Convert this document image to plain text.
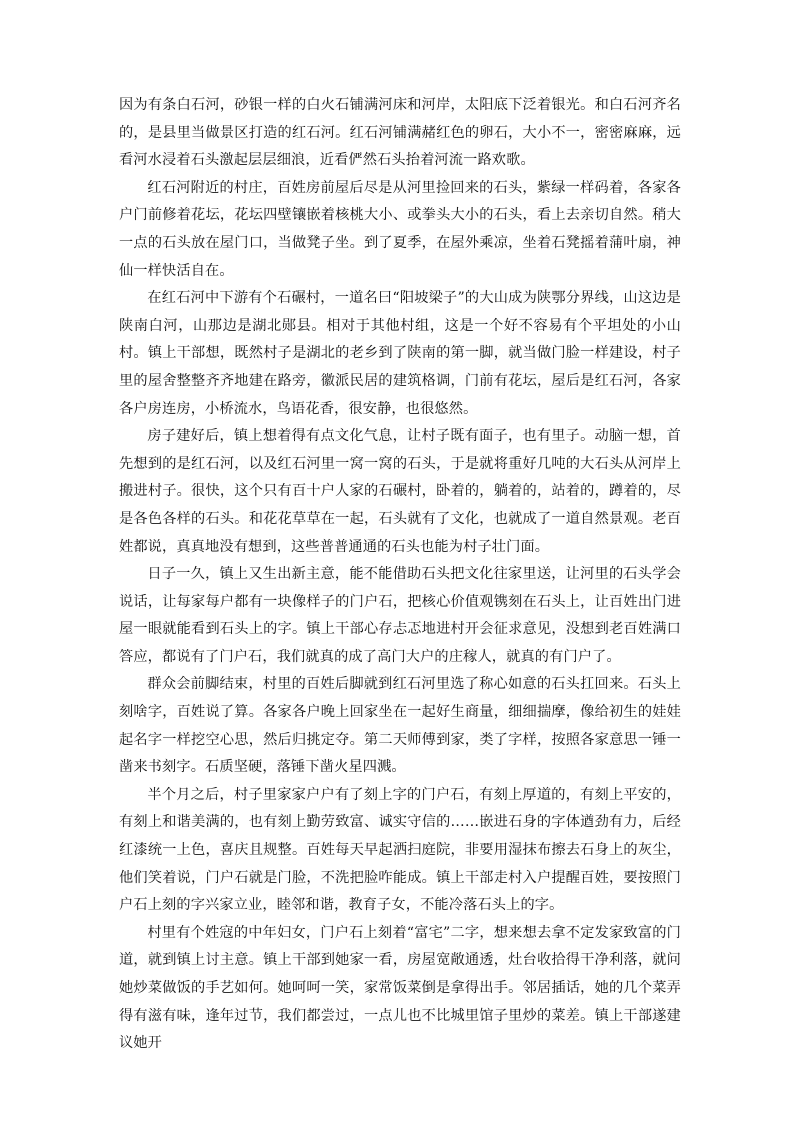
因为有条白石河，砂银一样的白火石铺满河床和河岸，太阳底下泛着银光。和白石河齐名的，是县里当做景区打造的红石河。红石河铺满赭红色的卵石，大小不一，密密麻麻，远看河水浸着石头激起层层细浪，近看俨然石头抬着河流一路欢歌。

红石河附近的村庄，百姓房前屋后尽是从河里捡回来的石头，紫绿一样码着，各家各户门前修着花坛，花坛四壁镶嵌着核桃大小、或拳头大小的石头，看上去亲切自然。稍大一点的石头放在屋门口，当做凳子坐。到了夏季，在屋外乘凉，坐着石凳摇着蒲叶扇，神仙一样快活自在。

在红石河中下游有个石碾村，一道名曰“阳坡梁子”的大山成为陕鄂分界线，山这边是陕南白河，山那边是湖北郧县。相对于其他村组，这是一个好不容易有个平坦处的小山村。镇上干部想，既然村子是湖北的老乡到了陕南的第一脚，就当做门脸一样建设，村子里的屋舍整整齐齐地建在路旁，徽派民居的建筑格调，门前有花坛，屋后是红石河，各家各户房连房，小桥流水，鸟语花香，很安静，也很悠然。

房子建好后，镇上想着得有点文化气息，让村子既有面子，也有里子。动脑一想，首先想到的是红石河，以及红石河里一窝一窝的石头，于是就将重好几吨的大石头从河岸上搬进村子。很快，这个只有百十户人家的石碾村，卧着的，躺着的，站着的，蹲着的，尽是各色各样的石头。和花花草草在一起，石头就有了文化，也就成了一道自然景观。老百姓都说，真真地没有想到，这些普普通通的石头也能为村子壮门面。

日子一久，镇上又生出新主意，能不能借助石头把文化往家里送，让河里的石头学会说话，让每家每户都有一块像样子的门户石，把核心价值观镌刻在石头上，让百姓出门进屋一眼就能看到石头上的字。镇上干部心存忐忑地进村开会征求意见，没想到老百姓满口答应，都说有了门户石，我们就真的成了高门大户的庄稼人，就真的有门户了。

群众会前脚结束，村里的百姓后脚就到红石河里选了称心如意的石头扛回来。石头上刻啥字，百姓说了算。各家各户晚上回家坐在一起好生商量，细细揣摩，像给初生的娃娃起名字一样挖空心思，然后归挑定夺。第二天师傅到家，类了字样，按照各家意思一锤一凿来书刻字。石质坚硬，落锤下凿火星四溅。

半个月之后，村子里家家户户有了刻上字的门户石，有刻上厚道的，有刻上平安的，有刻上和谐美满的，也有刻上勤劳致富、诚实守信的……嵌进石身的字体遒劲有力，后经红漆统一上色，喜庆且规整。百姓每天早起洒扫庭院，非要用湿抹布擦去石身上的灰尘，他们笑着说，门户石就是门脸，不洗把脸咋能成。镇上干部走村入户提醒百姓，要按照门户石上刻的字兴家立业，睦邻和谐，教育子女，不能冷落石头上的字。

村里有个姓寇的中年妇女，门户石上刻着“富宅”二字，想来想去拿不定发家致富的门道，就到镇上讨主意。镇上干部到她家一看，房屋宽敞通透，灶台收拾得干净利落，就问她炒菜做饭的手艺如何。她呵呵一笑，家常饭菜倒是拿得出手。邻居插话，她的几个菜弄得有滋有味，逢年过节，我们都尝过，一点儿也不比城里馆子里炒的菜差。镇上干部遂建议她开
